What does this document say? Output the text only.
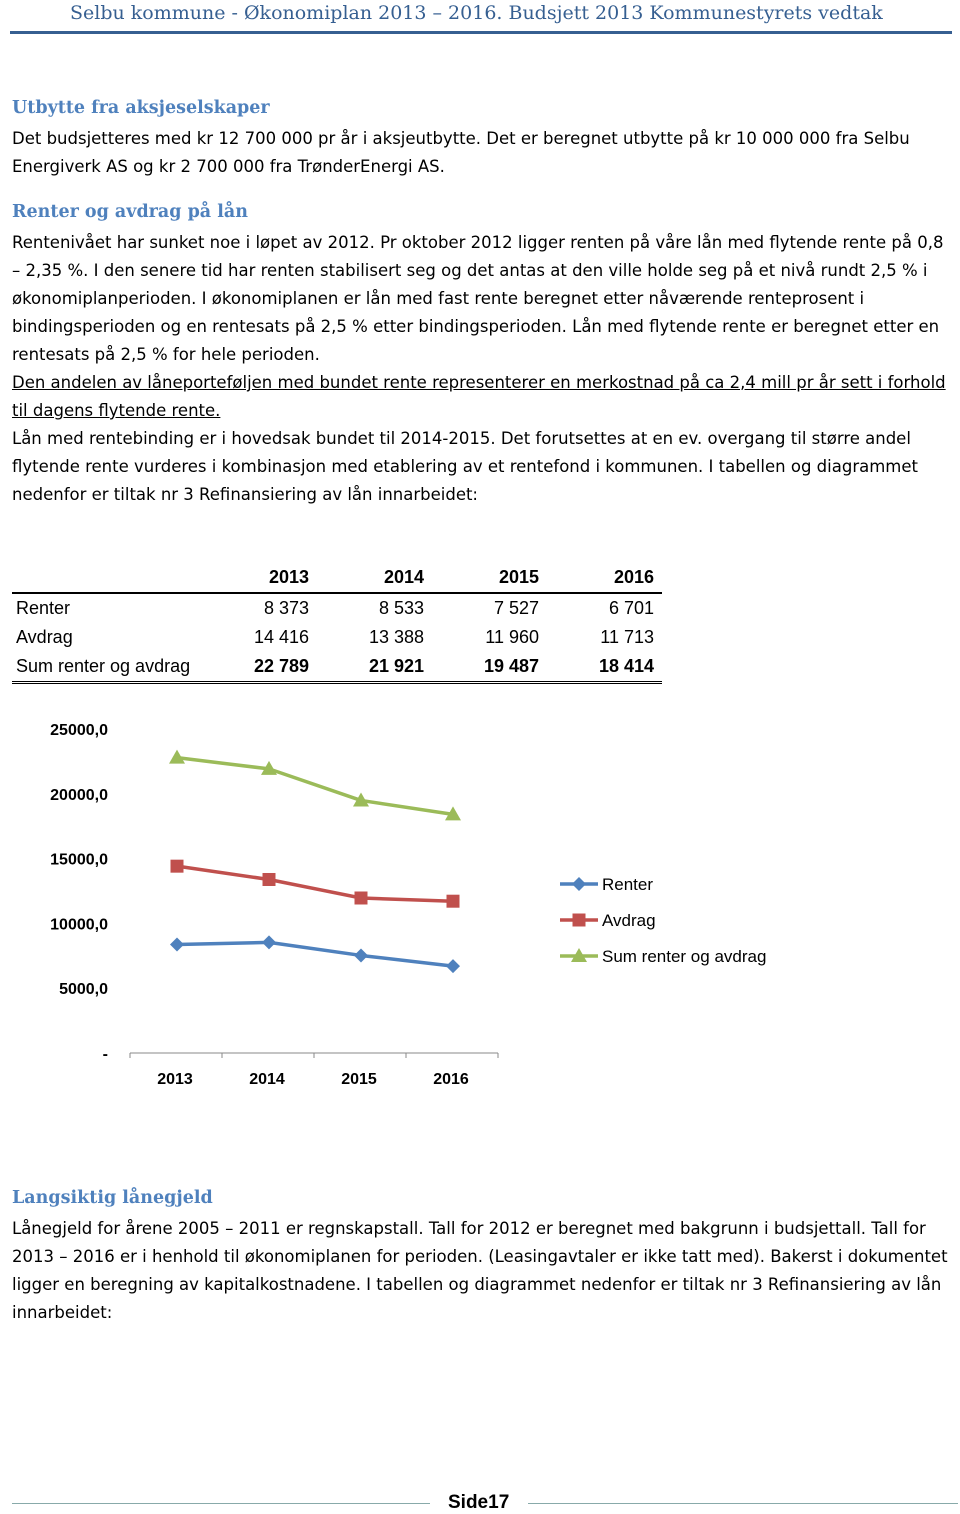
Selbu kommune - Økonomiplan 2013 – 2016. Budsjett 2013 Kommunestyrets vedtak
Utbytte fra aksjeselskaper

Det budsjetteres med kr 12 700 000 pr år i aksjeutbytte. Det er beregnet utbytte på kr 10 000 000 fra Selbu Energiverk AS og kr 2 700 000 fra TrønderEnergi AS.

Renter og avdrag på lån

Rentenivået har sunket noe i løpet av 2012. Pr oktober 2012 ligger renten på våre lån med flytende rente på 0,8 – 2,35 %. I den senere tid har renten stabilisert seg og det antas at den ville holde seg på et nivå rundt 2,5 % i økonomiplanperioden. I økonomiplanen er lån med fast rente beregnet etter nåværende renteprosent i bindingsperioden og en rentesats på 2,5 % etter bindingsperioden. Lån med flytende rente er beregnet etter en rentesats på 2,5 % for hele perioden.

Den andelen av låneporteføljen med bundet rente representerer en merkostnad på ca 2,4 mill pr år sett i forhold til dagens flytende rente.

Lån med rentebinding er i hovedsak bundet til 2014-2015. Det forutsettes at en ev. overgang til større andel flytende rente vurderes i kombinasjon med etablering av et rentefond i kommunen. I tabellen og diagrammet nedenfor er tiltak nr 3 Refinansiering av lån innarbeidet:

	2013	2014	2015	2016
Renter	8 373	8 533	7 527	6 701
Avdrag	14 416	13 388	11 960	11 713
Sum renter og avdrag	22 789	21 921	19 487	18 414
-
5000,0
10000,0
15000,0
20000,0
25000,0
2013	2014	2015	2016
Renter
Avdrag
Sum renter og avdrag
Langsiktig lånegjeld

Lånegjeld for årene 2005 – 2011 er regnskapstall. Tall for 2012 er beregnet med bakgrunn i budsjettall. Tall for 2013 – 2016 er i henhold til økonomiplanen for perioden. (Leasingavtaler er ikke tatt med). Bakerst i dokumentet ligger en beregning av kapitalkostnadene. I tabellen og diagrammet nedenfor er tiltak nr 3 Refinansiering av lån innarbeidet:

Side17
